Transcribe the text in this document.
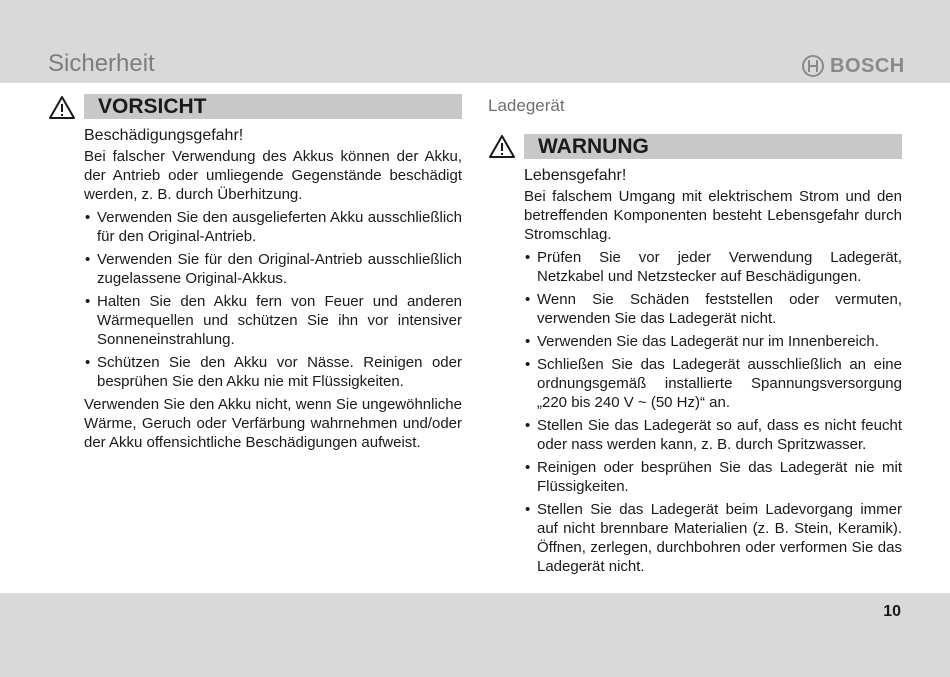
Sicherheit	BOSCH
VORSICHT

Beschädigungsgefahr!

Bei falscher Verwendung des Akkus können der Akku, der Antrieb oder umliegende Gegenstände beschädigt werden, z. B. durch Überhitzung.

• Verwenden Sie den ausgelieferten Akku ausschließlich für den Original-Antrieb.
• Verwenden Sie für den Original-Antrieb ausschließlich zugelassene Original-Akkus.
• Halten Sie den Akku fern von Feuer und anderen Wärmequellen und schützen Sie ihn vor intensiver Sonneneinstrahlung.
• Schützen Sie den Akku vor Nässe. Reinigen oder besprühen Sie den Akku nie mit Flüssigkeiten.

Verwenden Sie den Akku nicht, wenn Sie ungewöhnliche Wärme, Geruch oder Verfärbung wahrnehmen und/oder der Akku offensichtliche Beschädigungen aufweist.

Ladegerät
WARNUNG

Lebensgefahr!

Bei falschem Umgang mit elektrischem Strom und den betreffenden Komponenten besteht Lebensgefahr durch Stromschlag.

• Prüfen Sie vor jeder Verwendung Ladegerät, Netzkabel und Netzstecker auf Beschädigungen.
• Wenn Sie Schäden feststellen oder vermuten, verwenden Sie das Ladegerät nicht.
• Verwenden Sie das Ladegerät nur im Innenbereich.
• Schließen Sie das Ladegerät ausschließlich an eine ordnungsgemäß installierte Spannungsversorgung „220 bis 240 V ~ (50 Hz)“ an.
• Stellen Sie das Ladegerät so auf, dass es nicht feucht oder nass werden kann, z. B. durch Spritzwasser.
• Reinigen oder besprühen Sie das Ladegerät nie mit Flüssigkeiten.
• Stellen Sie das Ladegerät beim Ladevorgang immer auf nicht brennbare Materialien (z. B. Stein, Keramik). Öffnen, zerlegen, durchbohren oder verformen Sie das Ladegerät nicht.
10
